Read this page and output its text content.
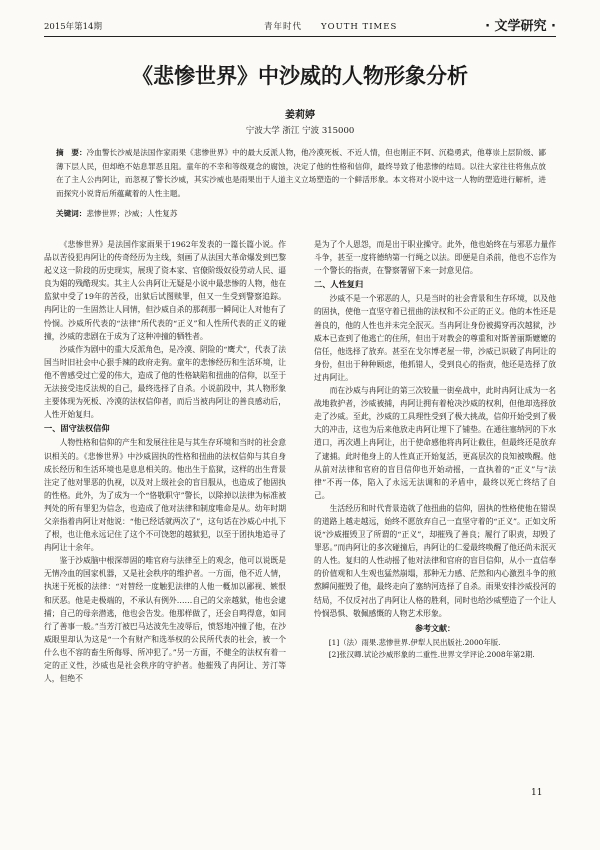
2015年第14期	青年时代　　YOUTH TIMES	· 文学研究 ·
《悲惨世界》中沙威的人物形象分析
姜莉婷
宁波大学 浙江 宁波 315000
摘　要：冷血警长沙威是法国作家雨果《悲惨世界》中的最大反派人物，他冷漠死板、不近人情，但也刚正不阿、沉稳勇武，他尊崇上层阶级、鄙薄下层人民，但却绝不姑息罪恶且阻。童年的不幸和等级观念的腐蚀，决定了他的性格和信仰，最终导致了他悲惨的结局。以往大家往往将焦点放在了主人公冉阿让，而忽视了警长沙威，其实沙威也是雨果出于人道主义立场塑造的一个鲜活形象。本文将对小说中这一人物的塑造进行解析，进而探究小说背后所蕴藏着的人性主题。
关键词：悲惨世界；沙威；人性复苏

《悲惨世界》是法国作家雨果于1962年发表的一篇长篇小说。作品以苦役犯冉阿让的传奇经历为主线，刻画了从法国大革命爆发到巴黎起义这一阶段的历史现实，展现了资本家、官僚阶级奴役劳动人民、逼良为娼的残酷现实。其主人公冉阿让无疑是小说中最悲惨的人物，他在监狱中受了19年的苦役，出狱后试图赎罪，但又一生受到警察追踪。冉阿让的一生固然让人同情，但沙威自杀的那刹那一瞬间让人对他有了怜悯。沙威所代表的“法律”所代表的“正义”和人性所代表的正义的碰撞，沙威的悲剧在于成为了这种冲撞的牺牲者。

沙威作为剧中的重大反派角色，是冷漠、阴险的“鹰犬”，代表了法国当时旧社会中心狠手辣的政府走狗。童年的悲惨经历和生活环境，让他不曾感受过亡爱的伟大，造成了他的性格缺陷和扭曲的信仰，以至于无法接受违反法规的自己，最终选择了自杀。小说前段中，其人物形象主要体现为死板、冷漠的法权信仰者，而后当被冉阿让的善良感动后，人性开始复归。

一、固守法权信仰

人物性格和信仰的产生和发展往往是与其生存环境和当时的社会意识相关的。《悲惨世界》中沙威固执的性格和扭曲的法权信仰与其自身成长经历和生活环境也是息息相关的。他出生于监狱，这样的出生背景注定了他对罪恶的仇视，以及对上级社会的盲目服从，也造成了他固执的性格。此外，为了成为一个“恪敬职守”警长，以除掉以法律为标准被判处的所有罪犯为信念，也造成了他对法律和制度唯命是从。幼年时期父亲指着冉阿让对他说：“他已经话就两次了”，这句话在沙威心中扎下了根，也让他永远记住了这个不可饶恕的越狱犯，以至于团执地追寻了冉阿让十余年。

鉴于沙威脑中根深蒂固的唯官府与法律至上的观念，他可以说既是无情冷血的国家机器，又是社会秩序的维护者。一方面，他不近人情，执迷于死板的法律：“对替经一度触犯法律的人他一概加以鄙视、嫉恨和厌恶。他是走极端的，不承认有例外……自己的父亲越狱，他也会逮捕；自己的母亲潜逃，他也会告发。他那样做了，还会自鸣得意，如同行了善事一般。”当芳汀被巴马达波先生凌辱后，愤怒地冲撞了他，在沙威眼里却认为这是“一个有财产和选举权的公民所代表的社会，被一个什么也不容的畜生所侮辱、所冲犯了。”另一方面，不健全的法权有着一定的正义性，沙威也是社会秩序的守护者。他摧残了冉阿让、芳汀等人，但绝不

是为了个人恩怨，而是出于职业操守。此外，他也始终在与邪恶力量作斗争，甚至一度将德纳第一行绳之以法。即便是自杀前，他也不忘作为一个警长的指责，在警察署留下来一封意见信。

二、人性复归

沙威不是一个邪恶的人，只是当时的社会背景和生存环境，以及他的固执，使他一直坚守着已扭曲的法权和不公正的正义。他的本性还是善良的，他的人性也并未完全泯灭。当冉阿让身份被揭穿再次越狱，沙威本已查到了他逃亡的住所，但出于对教会的尊重和对斯普丽斯嬷嬷的信任，他选择了放弃。甚至在戈尔博老屋一带，沙威已识破了冉阿让的身份，但出于种种顾虑，他抓错人，受到良心的指责，他还是选择了放过冉阿让。

而在沙威与冉阿让的第三次较量一街垒战中，此时冉阿让成为一名战地救护者，沙威被捕，冉阿让拥有着枪决沙威的权利，但他却选择放走了沙威。至此，沙威的工具理性受到了极大挑战，信仰开始受到了极大的冲击，这也为后来他放走冉阿让埋下了铺垫。在通往塞纳河的下水道口，再次遇上冉阿让，出于使命感他将冉阿让截住，但最终还是放弃了逮捕。此时他身上的人性真正开始复活，更高层次的良知被唤醒。他从前对法律和官府的盲目信仰也开始动摇，一直执着的“正义”与“法律”不再一体，陷入了永远无法调和的矛盾中，最终以死亡终结了自己。

生活经历和时代背景造就了他扭曲的信仰，固执的性格使他在错误的道路上越走越远，始终不愿放弃自己一直坚守着的“正义”。正如文所说“沙威摧毁卫了所谓的“正义”，却摧残了善良；履行了职责，却毁了罪恶。”而冉阿让的多次碰撞后，冉阿让的仁爱最终唤醒了他还尚未泯灭的人性。复归的人性动摇了他对法律和官府的盲目信仰，从小一直信奉的价值观和人生观也猛然崩塌，那种无力感、茫然和内心激烈斗争的煎熬瞬间摧毁了他，最终走向了塞纳河选择了自杀。雨果安排沙威投河的结局，不仅反衬出了冉阿让人格的胜利，同时也给沙威塑造了一个让人怜悯恐惧、敬佩感慨的人物艺术形象。

参考文献：

[1]（法）雨果.悲惨世界.伊犁人民出版社.2000年版.

[2]张汉卿.试论沙威形象的二重性.世界文学评论.2008年第2期.

11
